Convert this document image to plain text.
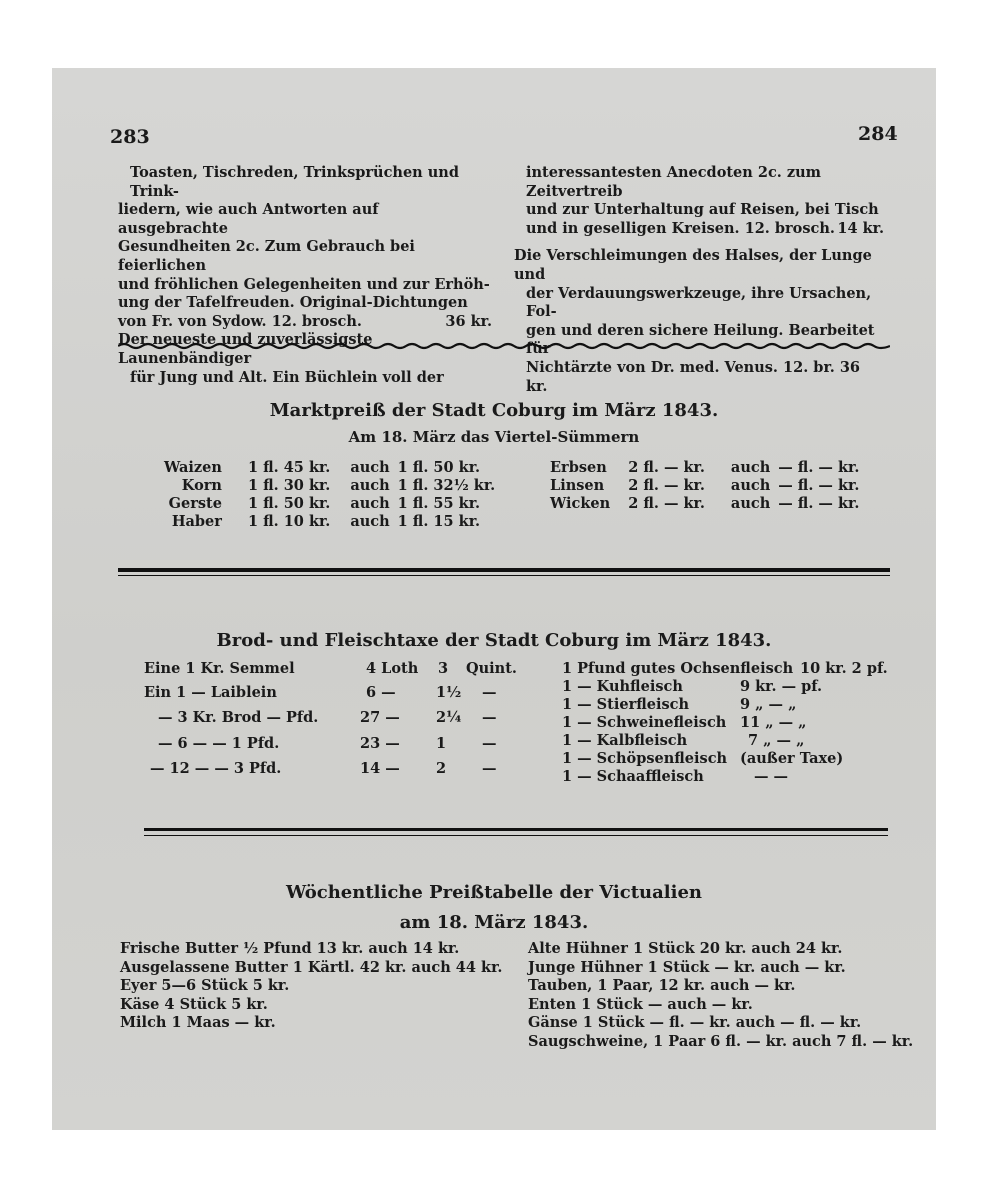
283	284

Toasten, Tischreden, Trinksprüchen und Trink-

liedern, wie auch Antworten auf ausgebrachte

Gesundheiten 2c. Zum Gebrauch bei feierlichen

und fröhlichen Gelegenheiten und zur Erhöh-

ung der Tafelfreuden. Original-Dichtungen

von Fr. von Sydow. 12. brosch.	36 kr.

Der neueste und zuverlässigste Launenbändiger

für Jung und Alt. Ein Büchlein voll der

interessantesten Anecdoten 2c. zum Zeitvertreib

und zur Unterhaltung auf Reisen, bei Tisch

und in geselligen Kreisen. 12. brosch. 14 kr.

Die Verschleimungen des Halses, der Lunge und

der Verdauungswerkzeuge, ihre Ursachen, Fol-

gen und deren sichere Heilung. Bearbeitet für

Nichtärzte von Dr. med. Venus. 12. br. 36 kr.

Marktpreiß der Stadt Coburg im März 1843.
Am 18. März das Viertel-Sümmern
Waizen	1 fl. 45 kr.	auch	1 fl. 50 kr.
Korn	1 fl. 30 kr.	auch	1 fl. 32½ kr.
Gerste	1 fl. 50 kr.	auch	1 fl. 55 kr.
Haber	1 fl. 10 kr.	auch	1 fl. 15 kr.
Erbsen	2 fl. — kr.	auch	— fl. — kr.
Linsen	2 fl. — kr.	auch	— fl. — kr.
Wicken	2 fl. — kr.	auch	— fl. — kr.
Brod- und Fleischtaxe der Stadt Coburg im März 1843.
Eine 1 Kr. Semmel	4 Loth 3 Quint.
Ein 1 — Laiblein	6 —	1½ —
— 3 Kr. Brod — Pfd.	27 —	2¼ —
— 6 — — 1 Pfd.	23 —	1 —
— 12 — — 3 Pfd.	14 —	2 —
1 Pfund gutes Ochsenfleisch 10 kr. 2 pf.
1 — Kuhfleisch	9 kr. — pf.
1 — Stierfleisch	9 „ — „
1 — Schweinefleisch 11 „ — „
1 — Kalbfleisch	7 „ — „
1 — Schöpsenfleisch (außer Taxe)
1 — Schaaffleisch	— —
Wöchentliche Preißtabelle der Victualien
am 18. März 1843.
Frische Butter ½ Pfund 13 kr. auch 14 kr.
Ausgelassene Butter 1 Kärtl. 42 kr. auch 44 kr.
Eyer 5—6 Stück 5 kr.
Käse 4 Stück 5 kr.
Milch 1 Maas — kr.
Alte Hühner 1 Stück 20 kr. auch 24 kr.
Junge Hühner 1 Stück — kr. auch — kr.
Tauben, 1 Paar, 12 kr. auch — kr.
Enten 1 Stück — auch — kr.
Gänse 1 Stück — fl. — kr. auch — fl. — kr.
Saugschweine, 1 Paar 6 fl. — kr. auch 7 fl. — kr.
